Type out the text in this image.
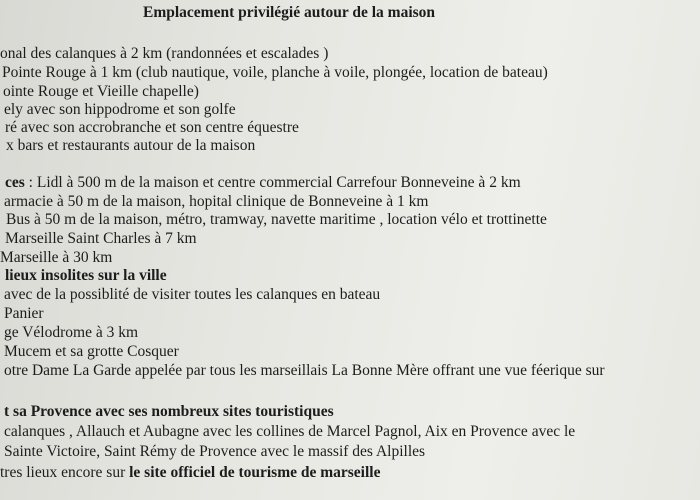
Emplacement privilégié autour de la maison
onal des calanques à 2 km (randonnées et escalades )
Pointe Rouge à 1 km (club nautique, voile, planche à voile, plongée, location de bateau)
ointe Rouge et Vieille chapelle)
ely avec son hippodrome et son golfe
ré avec son accrobranche et son centre équestre
x bars et restaurants autour de la maison
ces : Lidl à 500 m de la maison et centre commercial Carrefour Bonneveine à 2 km
armacie à 50 m de la maison, hopital clinique de Bonneveine à 1 km
Bus à 50 m de la maison, métro, tramway, navette maritime , location vélo et trottinette
Marseille Saint Charles à 7 km
Marseille à 30 km
lieux insolites sur la ville
avec de la possiblité de visiter toutes les calanques en bateau
Panier
ge Vélodrome à 3 km
Mucem et sa grotte Cosquer
otre Dame La Garde appelée par tous les marseillais La Bonne Mère offrant une vue féerique sur
t sa Provence avec ses nombreux sites touristiques
calanques , Allauch et Aubagne avec les collines de Marcel Pagnol, Aix en Provence avec le
Sainte Victoire, Saint Rémy de Provence avec le massif des Alpilles
tres lieux encore sur le site officiel de tourisme de marseille
